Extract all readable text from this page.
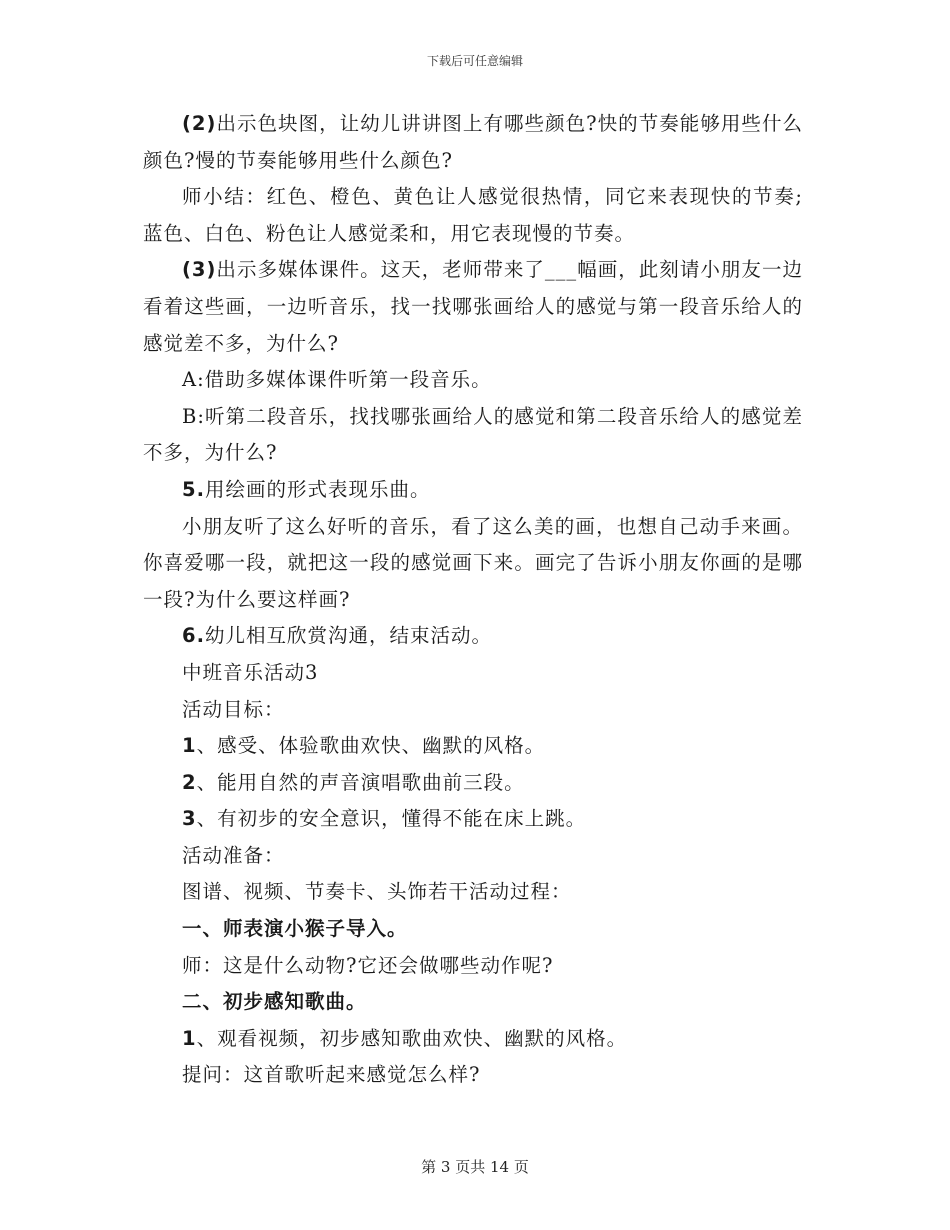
下载后可任意编辑

(2)出示色块图，让幼儿讲讲图上有哪些颜色?快的节奏能够用些什么颜色?慢的节奏能够用些什么颜色?

师小结：红色、橙色、黄色让人感觉很热情，同它来表现快的节奏;蓝色、白色、粉色让人感觉柔和，用它表现慢的节奏。

(3)出示多媒体课件。这天，老师带来了___幅画，此刻请小朋友一边看着这些画，一边听音乐，找一找哪张画给人的感觉与第一段音乐给人的感觉差不多，为什么?

A:借助多媒体课件听第一段音乐。

B:听第二段音乐，找找哪张画给人的感觉和第二段音乐给人的感觉差不多，为什么?

5.用绘画的形式表现乐曲。

小朋友听了这么好听的音乐，看了这么美的画，也想自己动手来画。你喜爱哪一段，就把这一段的感觉画下来。画完了告诉小朋友你画的是哪一段?为什么要这样画?

6.幼儿相互欣赏沟通，结束活动。

中班音乐活动3

活动目标：

1、感受、体验歌曲欢快、幽默的风格。

2、能用自然的声音演唱歌曲前三段。

3、有初步的安全意识，懂得不能在床上跳。

活动准备：

图谱、视频、节奏卡、头饰若干活动过程：

一、师表演小猴子导入。

师：这是什么动物?它还会做哪些动作呢?

二、初步感知歌曲。

1、观看视频，初步感知歌曲欢快、幽默的风格。

提问：这首歌听起来感觉怎么样?

第 3 页共 14 页
